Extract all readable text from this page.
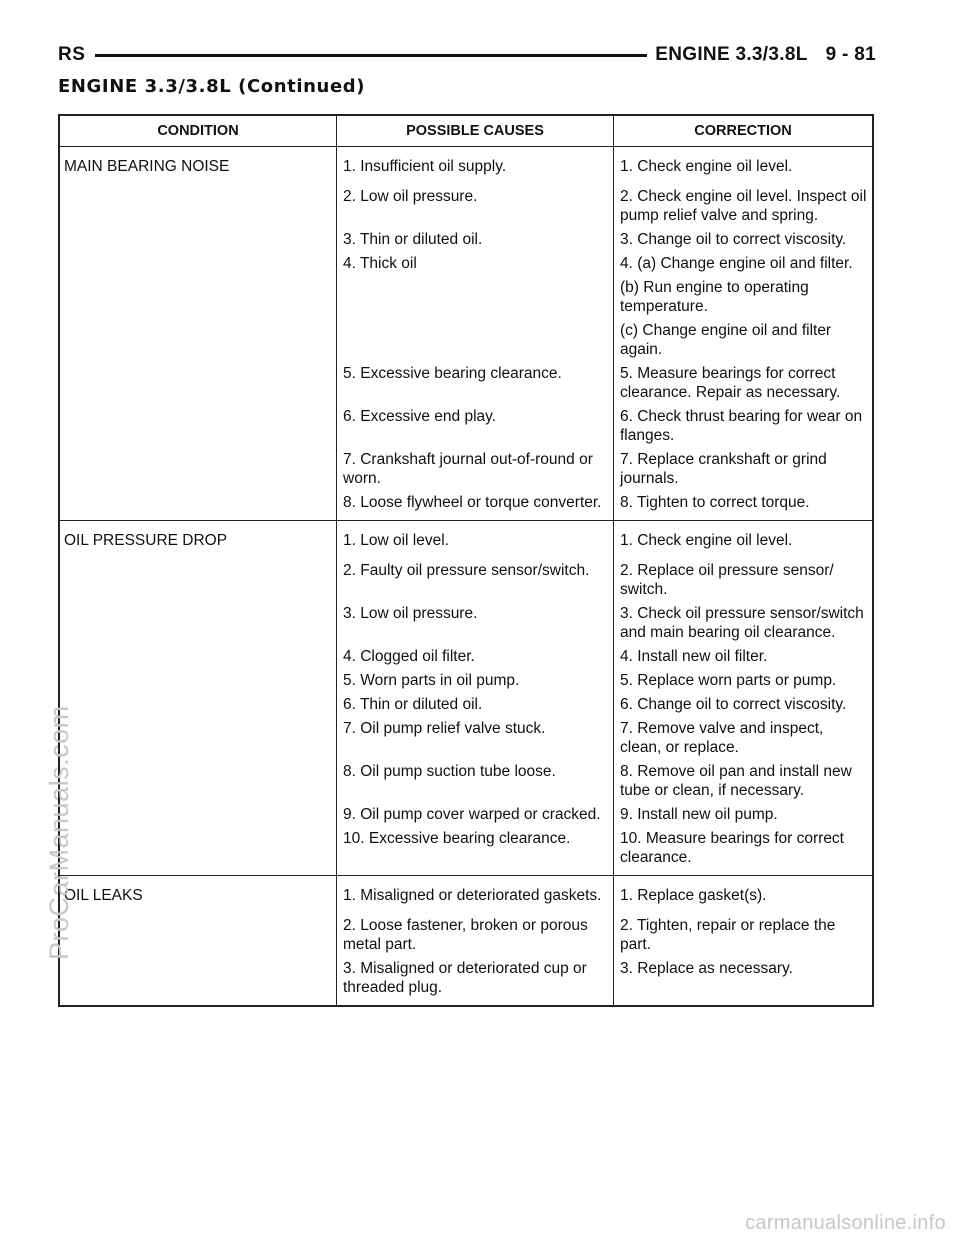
RS	ENGINE 3.3/3.8L 9 - 81
ENGINE 3.3/3.8L (Continued)
CONDITION	POSSIBLE CAUSES	CORRECTION
MAIN BEARING NOISE	1. Insufficient oil supply.	1. Check engine oil level.
	2. Low oil pressure.	2. Check engine oil level. Inspect oil pump relief valve and spring.
	3. Thin or diluted oil.	3. Change oil to correct viscosity.
	4. Thick oil	4. (a) Change engine oil and filter.
		(b) Run engine to operating temperature.
		(c) Change engine oil and filter again.
	5. Excessive bearing clearance.	5. Measure bearings for correct clearance. Repair as necessary.
	6. Excessive end play.	6. Check thrust bearing for wear on flanges.
	7. Crankshaft journal out-of-round or worn.	7. Replace crankshaft or grind journals.
	8. Loose flywheel or torque converter.	8. Tighten to correct torque.
OIL PRESSURE DROP	1. Low oil level.	1. Check engine oil level.
	2. Faulty oil pressure sensor/switch.	2. Replace oil pressure sensor/ switch.
	3. Low oil pressure.	3. Check oil pressure sensor/switch and main bearing oil clearance.
	4. Clogged oil filter.	4. Install new oil filter.
	5. Worn parts in oil pump.	5. Replace worn parts or pump.
	6. Thin or diluted oil.	6. Change oil to correct viscosity.
	7. Oil pump relief valve stuck.	7. Remove valve and inspect, clean, or replace.
	8. Oil pump suction tube loose.	8. Remove oil pan and install new tube or clean, if necessary.
	9. Oil pump cover warped or cracked.	9. Install new oil pump.
	10. Excessive bearing clearance.	10. Measure bearings for correct clearance.
OIL LEAKS	1. Misaligned or deteriorated gaskets.	1. Replace gasket(s).
	2. Loose fastener, broken or porous metal part.	2. Tighten, repair or replace the part.
	3. Misaligned or deteriorated cup or threaded plug.	3. Replace as necessary.
ProCarManuals.com
carmanualsonline.info
